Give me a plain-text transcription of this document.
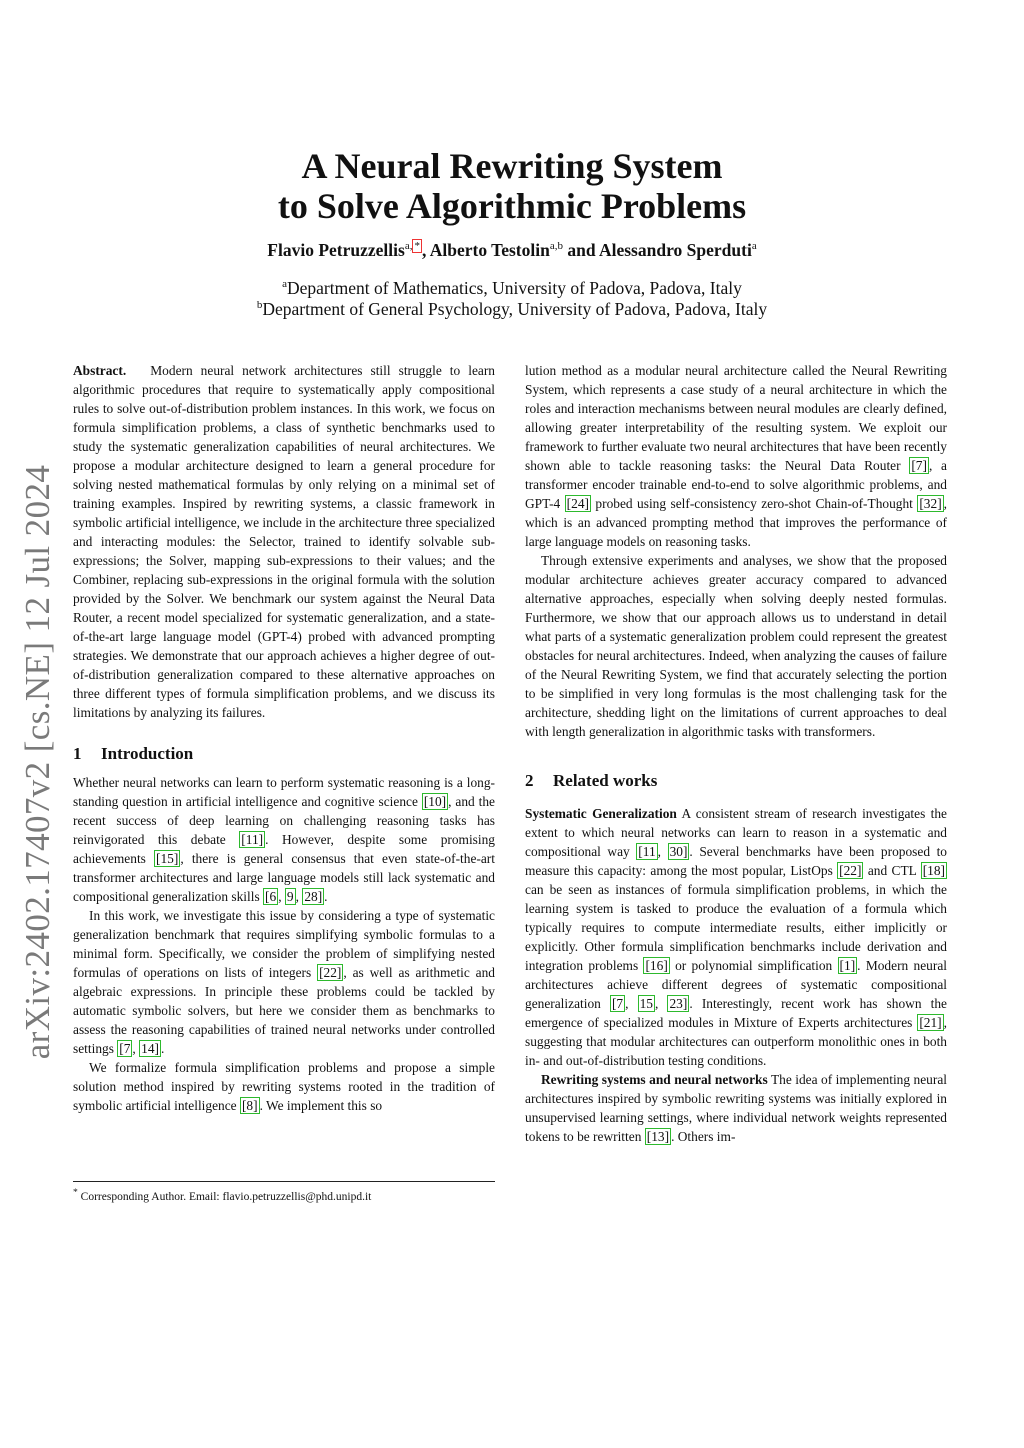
arXiv:2402.17407v2 [cs.NE] 12 Jul 2024
A Neural Rewriting System
to Solve Algorithmic Problems
Flavio Petruzzellis$^{a, *}$ , Alberto Testolin$^{a,b}$ and Alessandro Sperduti$^a$
$^a$Department of Mathematics, University of Padova, Padova, Italy
$^b$Department of General Psychology, University of Padova, Padova, Italy

Abstract. Modern neural network architectures still struggle to learn algorithmic procedures that require to systematically apply compositional rules to solve out-of-distribution problem instances. In this work, we focus on formula simplification problems, a class of synthetic benchmarks used to study the systematic generalization capabilities of neural architectures. We propose a modular architecture designed to learn a general procedure for solving nested mathematical formulas by only relying on a minimal set of training examples. Inspired by rewriting systems, a classic framework in symbolic artificial intelligence, we include in the architecture three specialized and interacting modules: the Selector, trained to identify solvable sub-expressions; the Solver, mapping sub-expressions to their values; and the Combiner, replacing sub-expressions in the original formula with the solution provided by the Solver. We benchmark our system against the Neural Data Router, a recent model specialized for systematic generalization, and a state-of-the-art large language model (GPT-4) probed with advanced prompting strategies. We demonstrate that our approach achieves a higher degree of out-of-distribution generalization compared to these alternative approaches on three different types of formula simplification problems, and we discuss its limitations by analyzing its failures.

1 Introduction

Whether neural networks can learn to perform systematic reasoning is a long-standing question in artificial intelligence and cognitive science [10] , and the recent success of deep learning on challenging reasoning tasks has reinvigorated this debate [11] . However, despite some promising achievements [15] , there is general consensus that even state-of-the-art transformer architectures and large language models still lack systematic and compositional generalization skills [6 , 9 , 28] .

In this work, we investigate this issue by considering a type of systematic generalization benchmark that requires simplifying symbolic formulas to a minimal form. Specifically, we consider the problem of simplifying nested formulas of operations on lists of integers [22] , as well as arithmetic and algebraic expressions. In principle these problems could be tackled by automatic symbolic solvers, but here we consider them as benchmarks to assess the reasoning capabilities of trained neural networks under controlled settings [7 , 14] .

We formalize formula simplification problems and propose a simple solution method inspired by rewriting systems rooted in the tradition of symbolic artificial intelligence [8] . We implement this so

* Corresponding Author. Email: flavio.petruzzellis@phd.unipd.it

lution method as a modular neural architecture called the Neural Rewriting System, which represents a case study of a neural architecture in which the roles and interaction mechanisms between neural modules are clearly defined, allowing greater interpretability of the resulting system. We exploit our framework to further evaluate two neural architectures that have been recently shown able to tackle reasoning tasks: the Neural Data Router [7] , a transformer encoder trainable end-to-end to solve algorithmic problems, and GPT-4 [24] probed using self-consistency zero-shot Chain-of-Thought [32] , which is an advanced prompting method that improves the performance of large language models on reasoning tasks.

Through extensive experiments and analyses, we show that the proposed modular architecture achieves greater accuracy compared to advanced alternative approaches, especially when solving deeply nested formulas. Furthermore, we show that our approach allows us to understand in detail what parts of a systematic generalization problem could represent the greatest obstacles for neural architectures. Indeed, when analyzing the causes of failure of the Neural Rewriting System, we find that accurately selecting the portion to be simplified in very long formulas is the most challenging task for the architecture, shedding light on the limitations of current approaches to deal with length generalization in algorithmic tasks with transformers.

2 Related works

Systematic Generalization A consistent stream of research investigates the extent to which neural networks can learn to reason in a systematic and compositional way [11 , 30] . Several benchmarks have been proposed to measure this capacity: among the most popular, ListOps [22] and CTL [18] can be seen as instances of formula simplification problems, in which the learning system is tasked to produce the evaluation of a formula which typically requires to compute intermediate results, either implicitly or explicitly. Other formula simplification benchmarks include derivation and integration problems [16] or polynomial simplification [1] . Modern neural architectures achieve different degrees of systematic compositional generalization [7 , 15 , 23] . Interestingly, recent work has shown the emergence of specialized modules in Mixture of Experts architectures [21] , suggesting that modular architectures can outperform monolithic ones in both in- and out-of-distribution testing conditions.

Rewriting systems and neural networks The idea of implementing neural architectures inspired by symbolic rewriting systems was initially explored in unsupervised learning settings, where individual network weights represented tokens to be rewritten [13] . Others im-
